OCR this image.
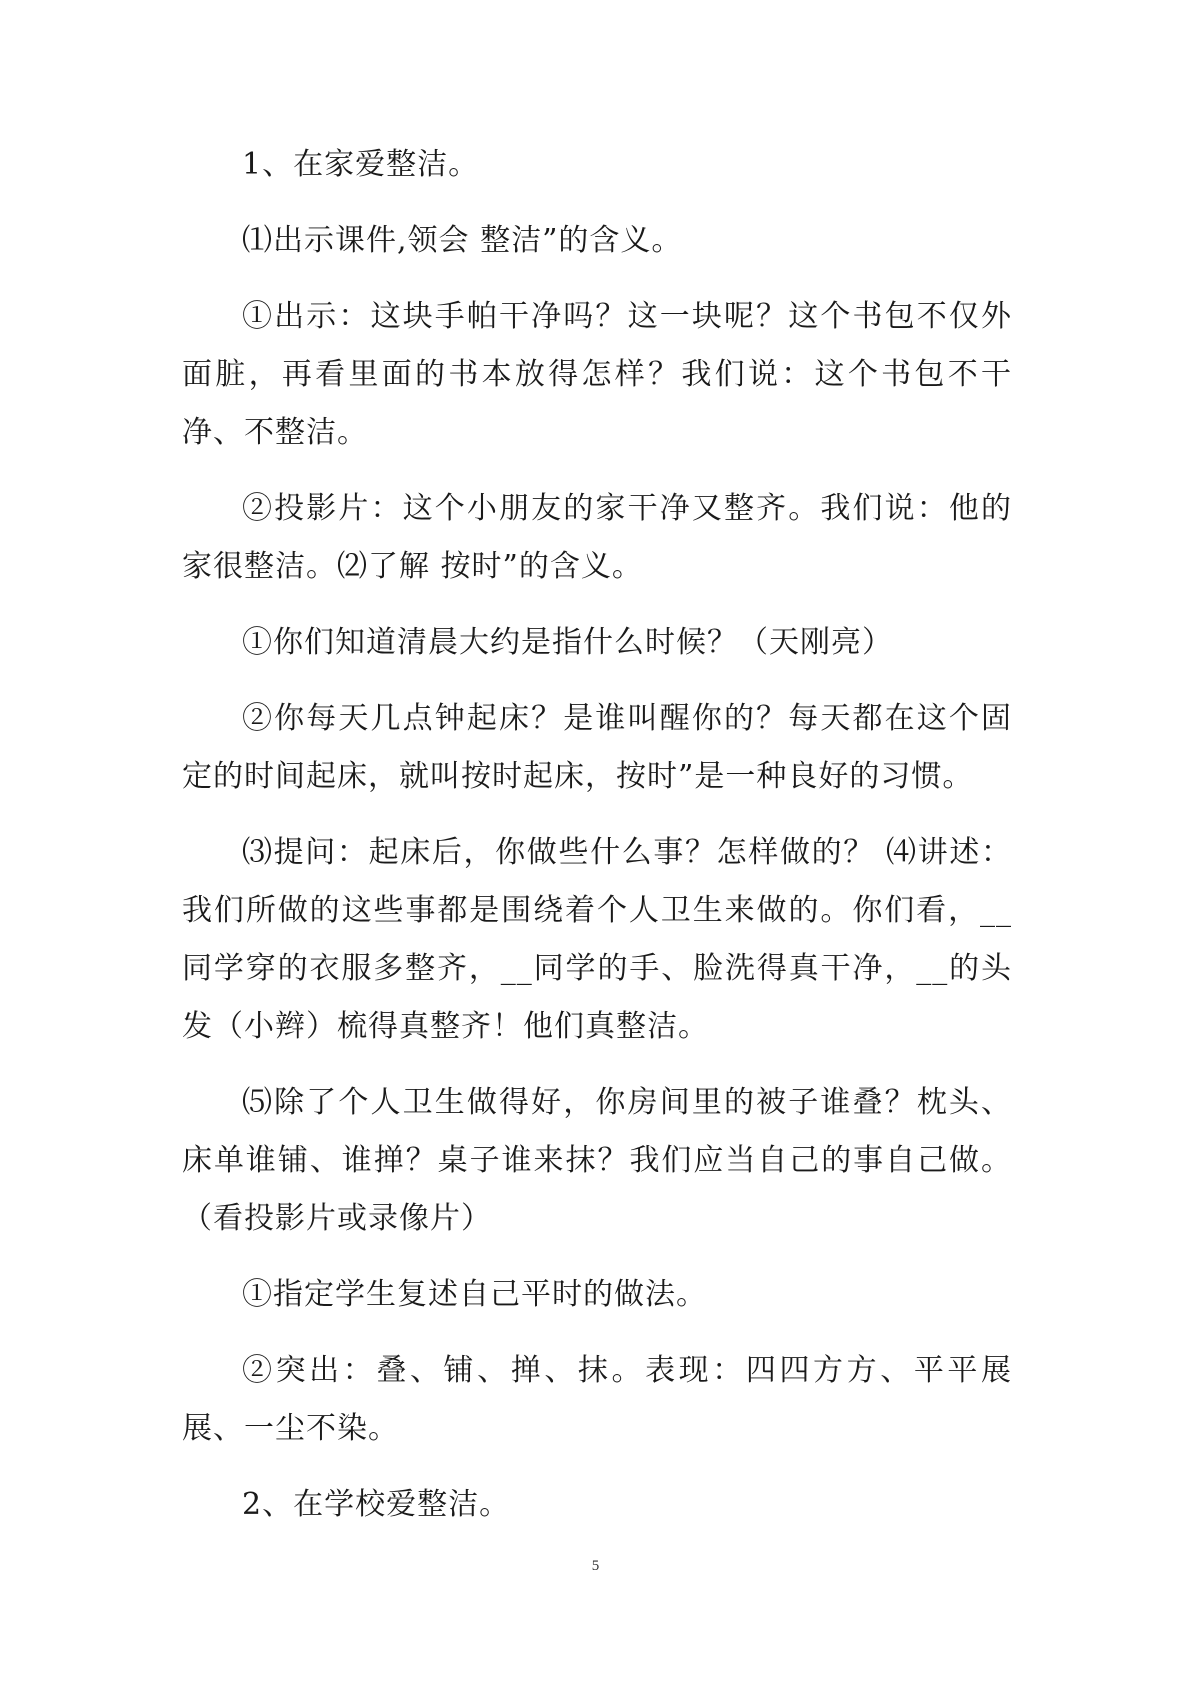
1、在家爱整洁。

⑴出示课件,领会 整洁”的含义。

①出示：这块手帕干净吗？这一块呢？这个书包不仅外面脏，再看里面的书本放得怎样？我们说：这个书包不干净、不整洁。

②投影片：这个小朋友的家干净又整齐。我们说：他的家很整洁。⑵了解 按时”的含义。

①你们知道清晨大约是指什么时候？（天刚亮）

②你每天几点钟起床？是谁叫醒你的？每天都在这个固定的时间起床，就叫按时起床，按时”是一种良好的习惯。

⑶提问：起床后，你做些什么事？怎样做的？ ⑷讲述：我们所做的这些事都是围绕着个人卫生来做的。你们看，__同学穿的衣服多整齐，__同学的手、脸洗得真干净，__的头发（小辫）梳得真整齐！他们真整洁。

⑸除了个人卫生做得好，你房间里的被子谁叠？枕头、床单谁铺、谁掸？桌子谁来抹？我们应当自己的事自己做。（看投影片或录像片）

①指定学生复述自己平时的做法。

②突出：叠、铺、掸、抹。表现：四四方方、平平展展、一尘不染。

2、在学校爱整洁。

5
